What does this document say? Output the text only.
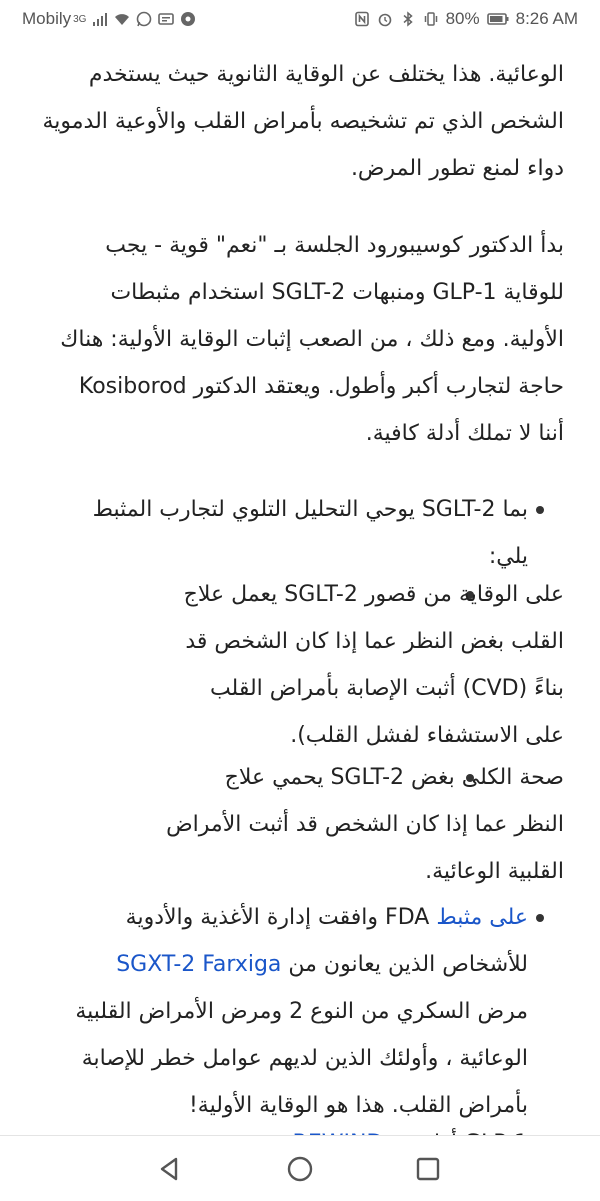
Mobily 3G	80% 8:26 AM
الوعائية. هذا يختلف عن الوقاية الثانوية حيث يستخدم
الشخص الذي تم تشخيصه بأمراض القلب والأوعية الدموية
دواء لمنع تطور المرض.
بدأ الدكتور كوسيبورود الجلسة بـ "نعم" قوية - يجب
للوقاية GLP-1 ومنبهات SGLT-2 استخدام مثبطات
الأولية. ومع ذلك ، من الصعب إثبات الوقاية الأولية: هناك
حاجة لتجارب أكبر وأطول. ويعتقد الدكتور Kosiborod
أننا لا تملك أدلة كافية.
بما SGLT-2 يوحي التحليل التلوي لتجارب المثبط
يلي:
على الوقاية من قصور SGLT-2 يعمل علاج
القلب بغض النظر عما إذا كان الشخص قد
بناءً (CVD) أثبت الإصابة بأمراض القلب
على الاستشفاء لفشل القلب).
صحة الكلى بغض SGLT-2 يحمي علاج
النظر عما إذا كان الشخص قد أثبت الأمراض
القلبية الوعائية.
على مثبط FDA وافقت إدارة الأغذية والأدوية
للأشخاص الذين يعانون من SGXT-2 Farxiga
مرض السكري من النوع 2 ومرض الأمراض القلبية
الوعائية ، وأولئك الذين لديهم عوامل خطر للإصابة
بأمراض القلب. هذا هو الوقاية الأولية!
